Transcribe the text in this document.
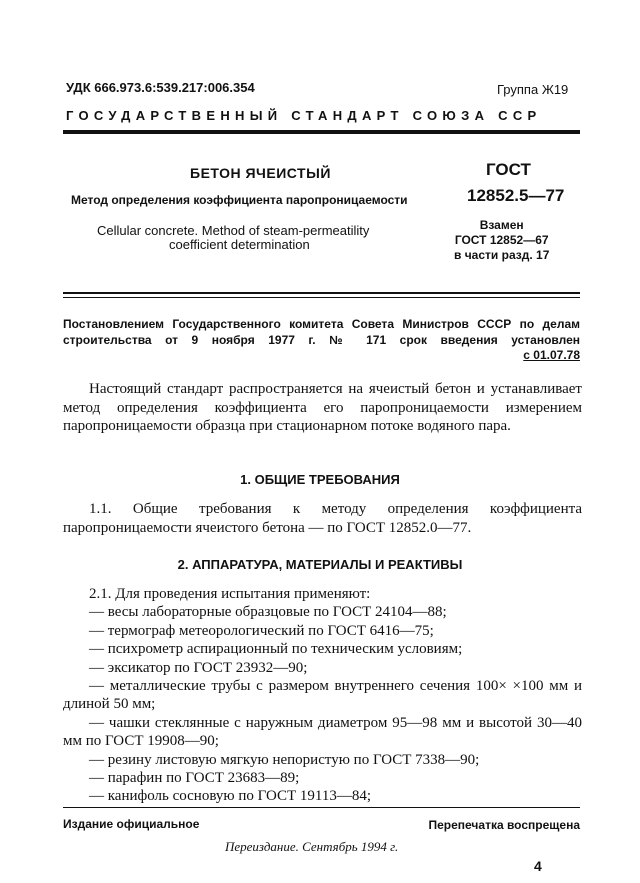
УДК 666.973.6:539.217:006.354	Группа Ж19
ГОСУДАРСТВЕННЫЙ СТАНДАРТ СОЮЗА ССР
БЕТОН ЯЧЕИСТЫЙ
Метод определения коэффициента паропроницаемости
Cellular concrete. Method of steam-permeatility
coefficient determination
ГОСТ
12852.5—77
Взамен
ГОСТ 12852—67
в части разд. 17
Постановлением Государственного комитета Совета Министров СССР по делам строительства от 9 ноября 1977 г. № 171 срок введения установлен
с 01.07.78
Настоящий стандарт распространяется на ячеистый бетон и устанавливает метод определения коэффициента его паропроницаемости измерением паропроницаемости образца при стационарном потоке водяного пара.
1. ОБЩИЕ ТРЕБОВАНИЯ
1.1. Общие требования к методу определения коэффициента паропроницаемости ячеистого бетона — по ГОСТ 12852.0—77.
2. АППАРАТУРА, МАТЕРИАЛЫ И РЕАКТИВЫ
2.1. Для проведения испытания применяют:
— весы лабораторные образцовые по ГОСТ 24104—88;
— термограф метеорологический по ГОСТ 6416—75;
— психрометр аспирационный по техническим условиям;
— эксикатор по ГОСТ 23932—90;
— металлические трубы с размером внутреннего сечения 100× ×100 мм и длиной 50 мм;
— чашки стеклянные с наружным диаметром 95—98 мм и высотой 30—40 мм по ГОСТ 19908—90;
— резину листовую мягкую непористую по ГОСТ 7338—90;
— парафин по ГОСТ 23683—89;
— канифоль сосновую по ГОСТ 19113—84;
Издание официальное	Перепечатка воспрещена
Переиздание. Сентябрь 1994 г.
4
